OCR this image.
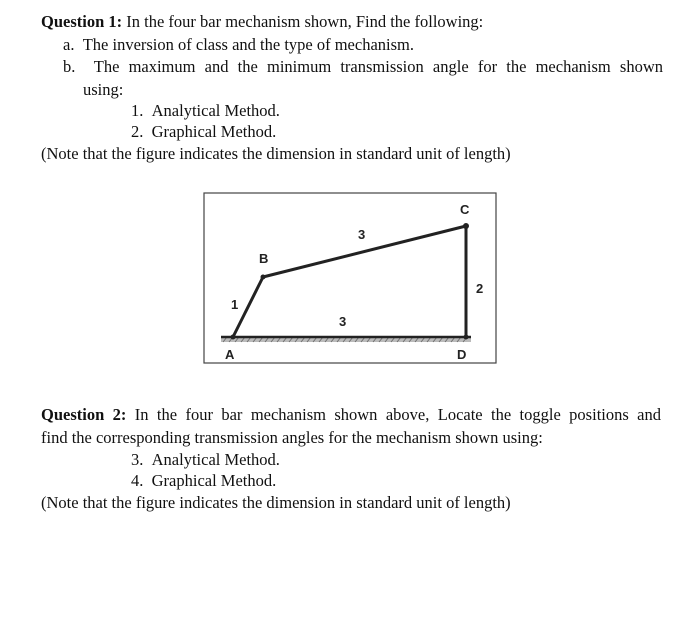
Question 1: In the four bar mechanism shown, Find the following:
a. The inversion of class and the type of mechanism.
b. The maximum and the minimum transmission angle for the mechanism shown
using:
1. Analytical Method.
2. Graphical Method.
(Note that the figure indicates the dimension in standard unit of length)
A
B
C
D
1
3
2
3
Question 2: In the four bar mechanism shown above, Locate the toggle positions and
find the corresponding transmission angles for the mechanism shown using:
3. Analytical Method.
4. Graphical Method.
(Note that the figure indicates the dimension in standard unit of length)
